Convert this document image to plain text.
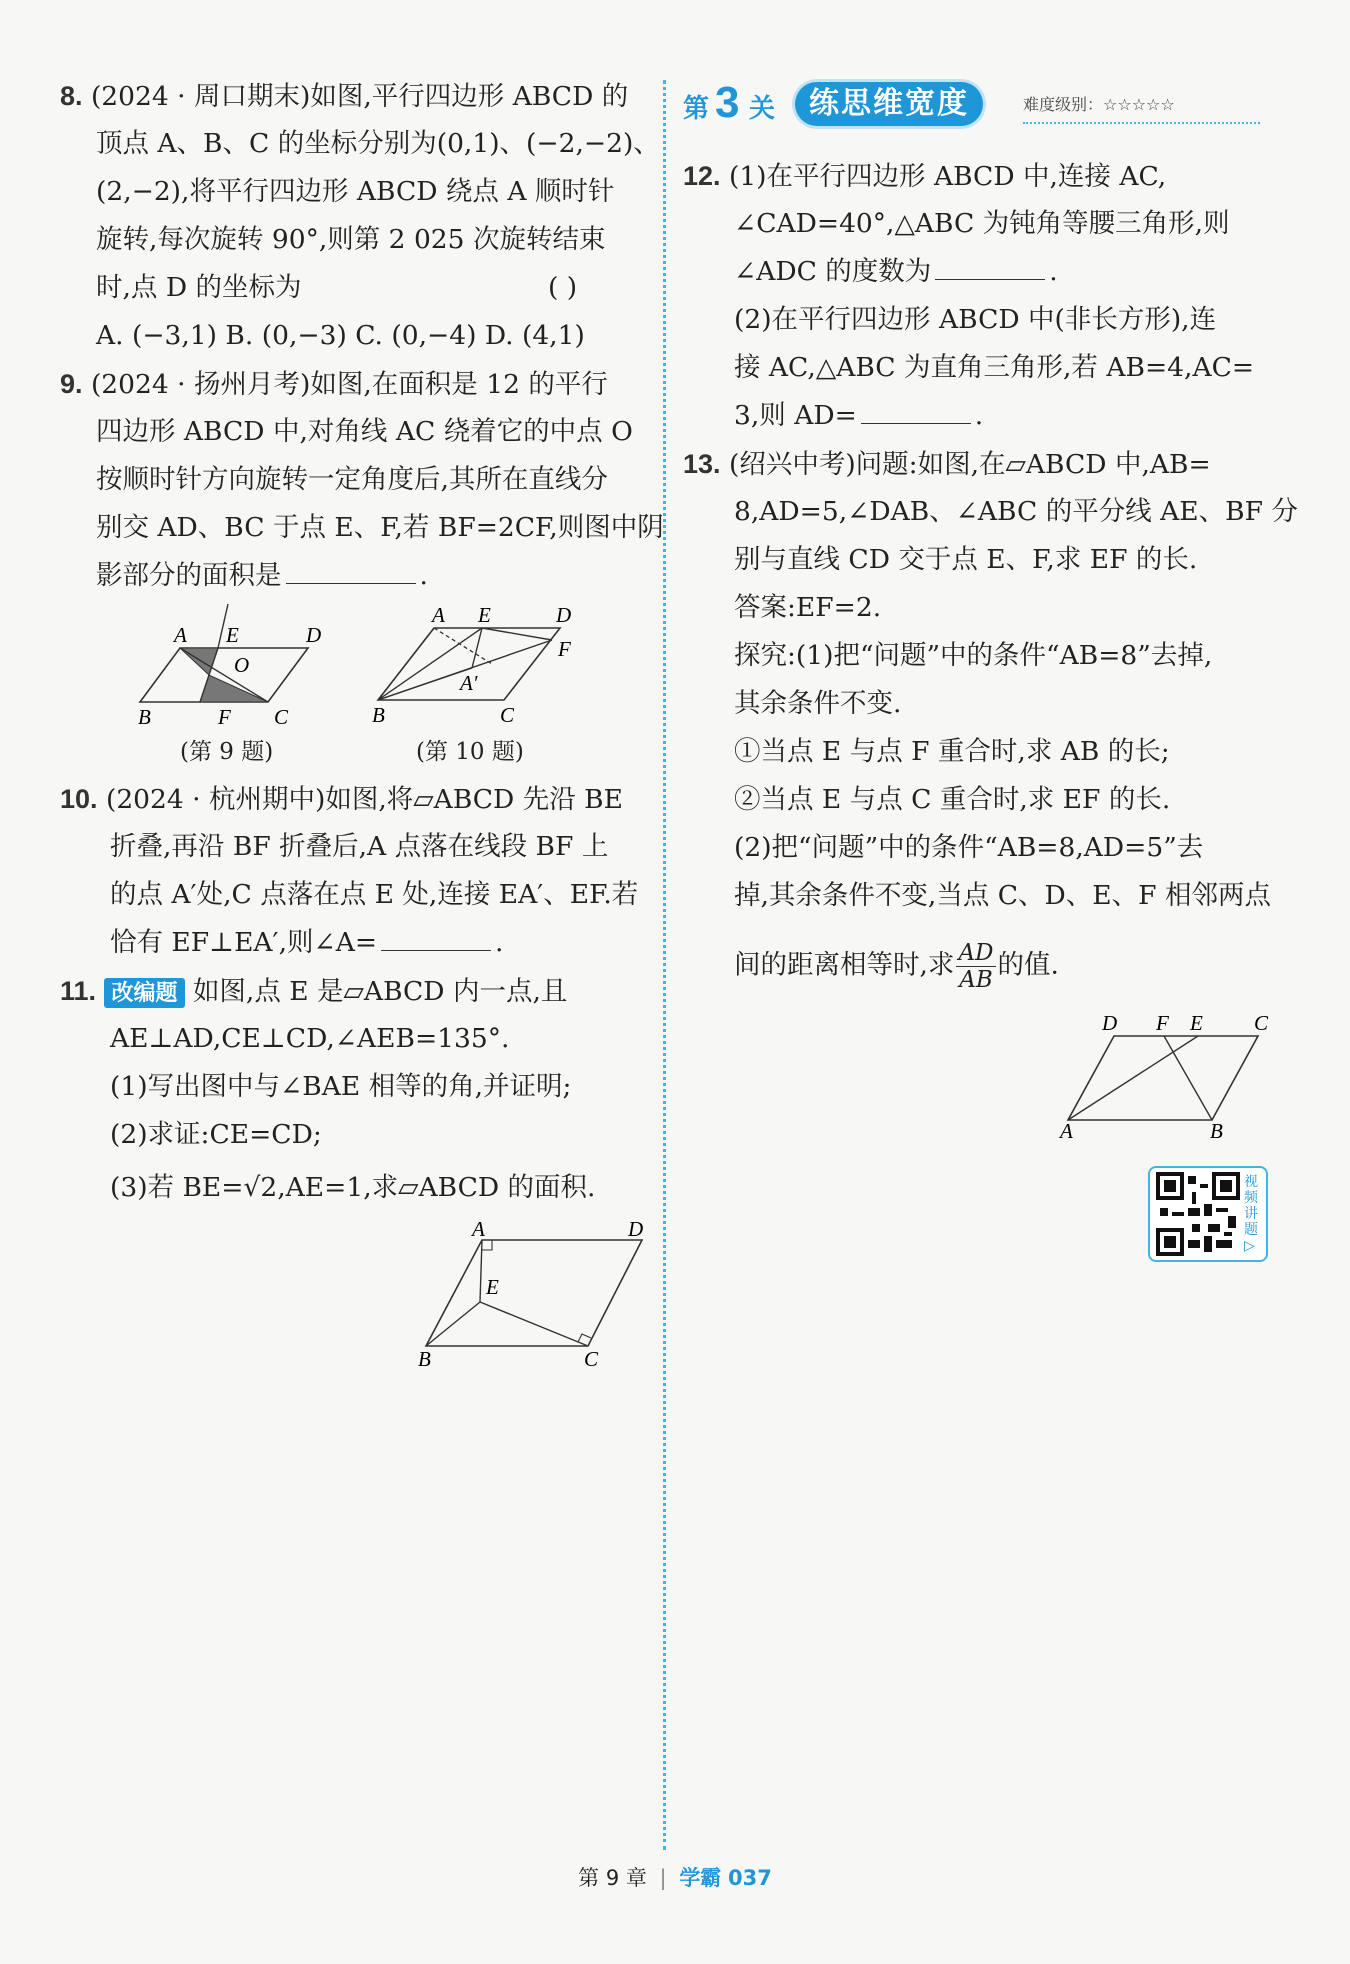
8. (2024 · 周口期末)如图,平行四边形 ABCD 的
顶点 A、B、C 的坐标分别为(0,1)、(−2,−2)、
(2,−2),将平行四边形 ABCD 绕点 A 顺时针
旋转,每次旋转 90°,则第 2 025 次旋转结束
时,点 D 的坐标为	( )
A. (−3,1) B. (0,−3) C. (0,−4) D. (4,1)
9. (2024 · 扬州月考)如图,在面积是 12 的平行
四边形 ABCD 中,对角线 AC 绕着它的中点 O
按顺时针方向旋转一定角度后,其所在直线分
别交 AD、BC 于点 E、F,若 BF=2CF,则图中阴
影部分的面积是	.
A E	D
O
B	F C
(第 9 题)
A E	D
F
A′
B	C
(第 10 题)
10. (2024 · 杭州期中)如图,将▱ABCD 先沿 BE
折叠,再沿 BF 折叠后,A 点落在线段 BF 上
的点 A′处,C 点落在点 E 处,连接 EA′、EF.若
恰有 EF⊥EA′,则∠A=	.
11. 改编题 如图,点 E 是▱ABCD 内一点,且
AE⊥AD,CE⊥CD,∠AEB=135°.
(1)写出图中与∠BAE 相等的角,并证明;
(2)求证:CE=CD;
(3)若 BE=√2,AE=1,求▱ABCD 的面积.
A	D
E
B	C
第 3 关	练思维宽度	难度级别：☆☆☆☆☆
12. (1)在平行四边形 ABCD 中,连接 AC,
∠CAD=40°,△ABC 为钝角等腰三角形,则
∠ADC 的度数为	.
(2)在平行四边形 ABCD 中(非长方形),连
接 AC,△ABC 为直角三角形,若 AB=4,AC=
3,则 AD=	.
13. (绍兴中考)问题:如图,在▱ABCD 中,AB=
8,AD=5,∠DAB、∠ABC 的平分线 AE、BF 分
别与直线 CD 交于点 E、F,求 EF 的长.
答案:EF=2.
探究:(1)把“问题”中的条件“AB=8”去掉,
其余条件不变.
①当点 E 与点 F 重合时,求 AB 的长;
②当点 E 与点 C 重合时,求 EF 的长.
(2)把“问题”中的条件“AB=8,AD=5”去
掉,其余条件不变,当点 C、D、E、F 相邻两点
间的距离相等时,求 $\frac{AD}{AB}$ 的值.
D F E C
A	B
视频讲题▷
第 9 章 | 学霸 037
